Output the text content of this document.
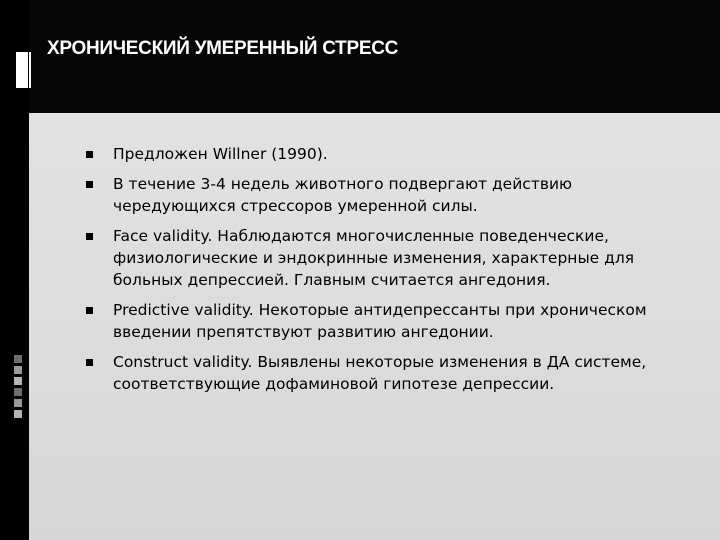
ХРОНИЧЕСКИЙ УМЕРЕННЫЙ СТРЕСС
Предложен Willner (1990).
В течение 3-4 недель животного подвергают действию чередующихся стрессоров умеренной силы.
Face validity. Наблюдаются многочисленные поведенческие, физиологические и эндокринные изменения, характерные для больных депрессией. Главным считается ангедония.
Predictive validity. Некоторые антидепрессанты при хроническом введении препятствуют развитию ангедонии.
Construct validity. Выявлены некоторые изменения в ДА системе, соответствующие дофаминовой гипотезе депрессии.
